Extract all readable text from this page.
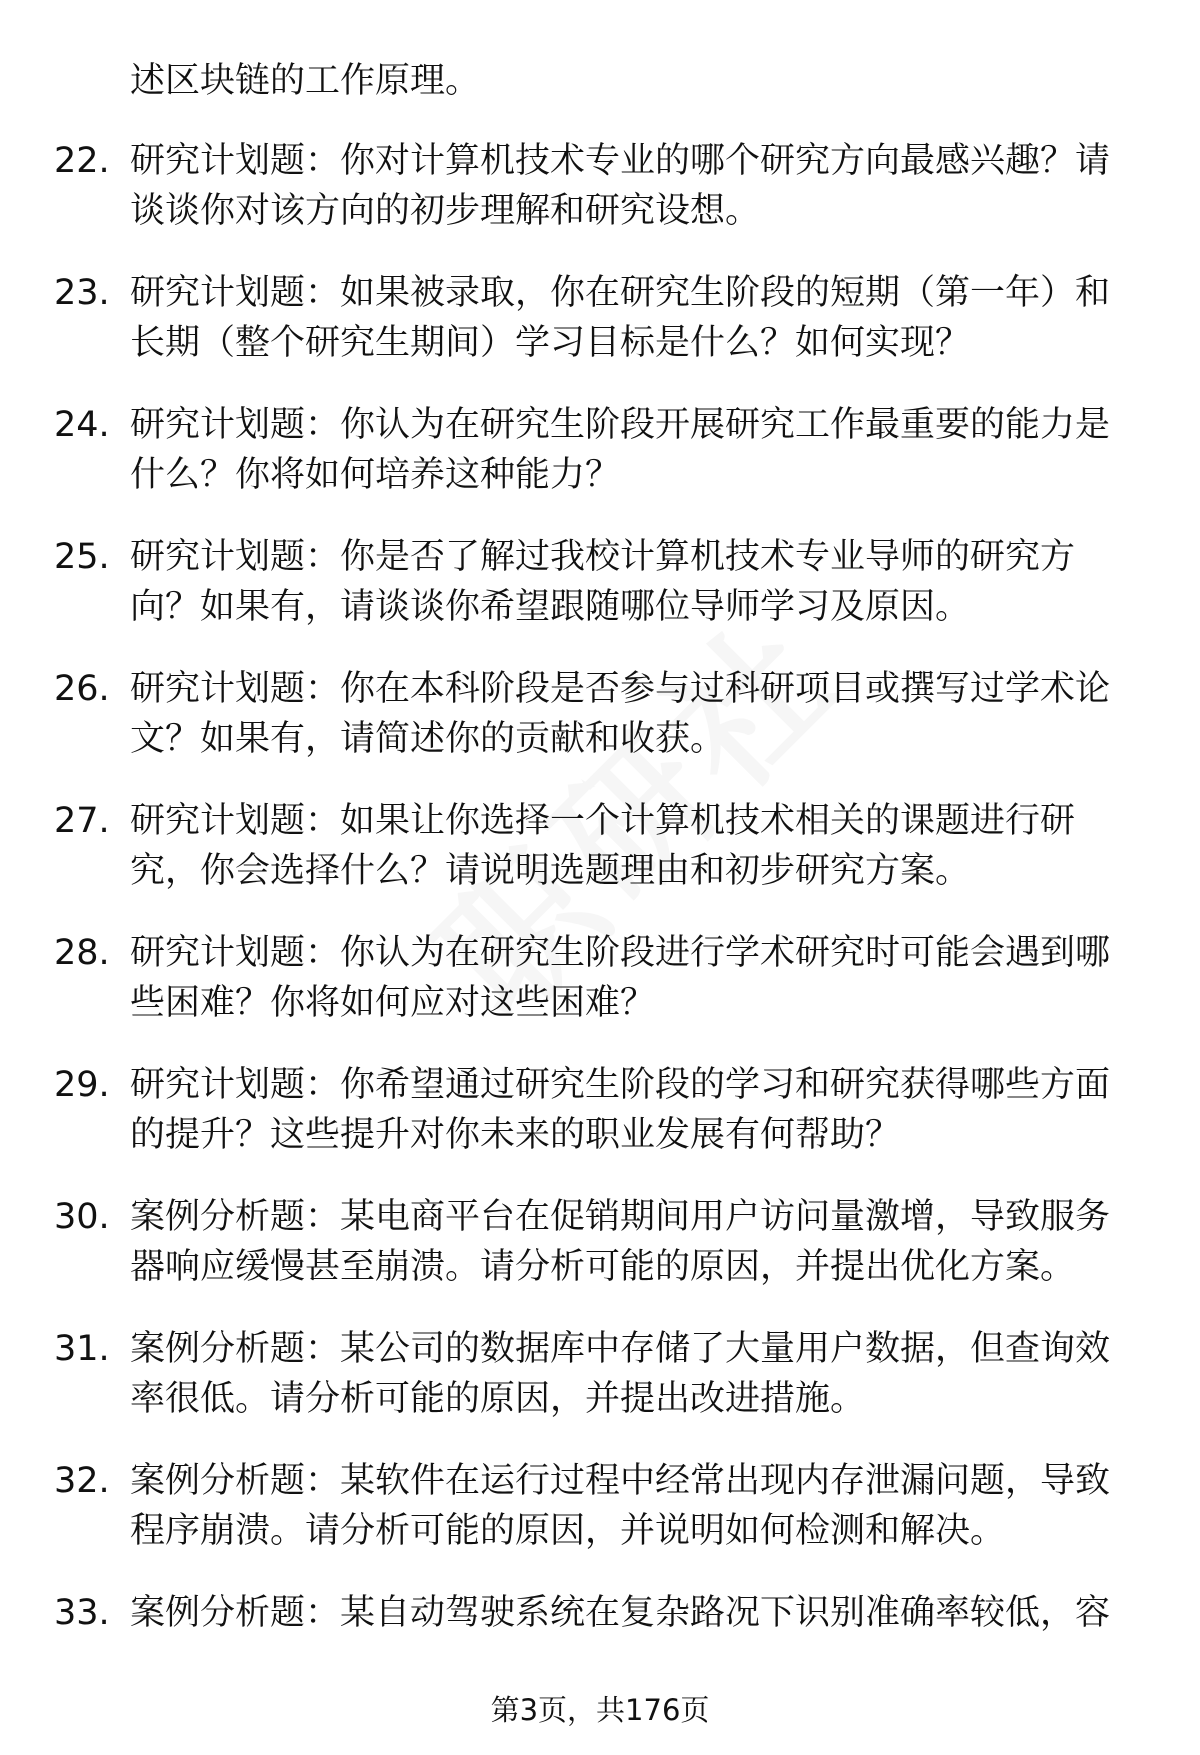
述区块链的工作原理。
22. 研究计划题：你对计算机技术专业的哪个研究方向最感兴趣？请谈谈你对该方向的初步理解和研究设想。
23. 研究计划题：如果被录取，你在研究生阶段的短期（第一年）和长期（整个研究生期间）学习目标是什么？如何实现？
24. 研究计划题：你认为在研究生阶段开展研究工作最重要的能力是什么？你将如何培养这种能力？
25. 研究计划题：你是否了解过我校计算机技术专业导师的研究方向？如果有，请谈谈你希望跟随哪位导师学习及原因。
26. 研究计划题：你在本科阶段是否参与过科研项目或撰写过学术论文？如果有，请简述你的贡献和收获。
27. 研究计划题：如果让你选择一个计算机技术相关的课题进行研究，你会选择什么？请说明选题理由和初步研究方案。
28. 研究计划题：你认为在研究生阶段进行学术研究时可能会遇到哪些困难？你将如何应对这些困难？
29. 研究计划题：你希望通过研究生阶段的学习和研究获得哪些方面的提升？这些提升对你未来的职业发展有何帮助？
30. 案例分析题：某电商平台在促销期间用户访问量激增，导致服务器响应缓慢甚至崩溃。请分析可能的原因，并提出优化方案。
31. 案例分析题：某公司的数据库中存储了大量用户数据，但查询效率很低。请分析可能的原因，并提出改进措施。
32. 案例分析题：某软件在运行过程中经常出现内存泄漏问题，导致程序崩溃。请分析可能的原因，并说明如何检测和解决。
33. 案例分析题：某自动驾驶系统在复杂路况下识别准确率较低，容
第3页，共176页
